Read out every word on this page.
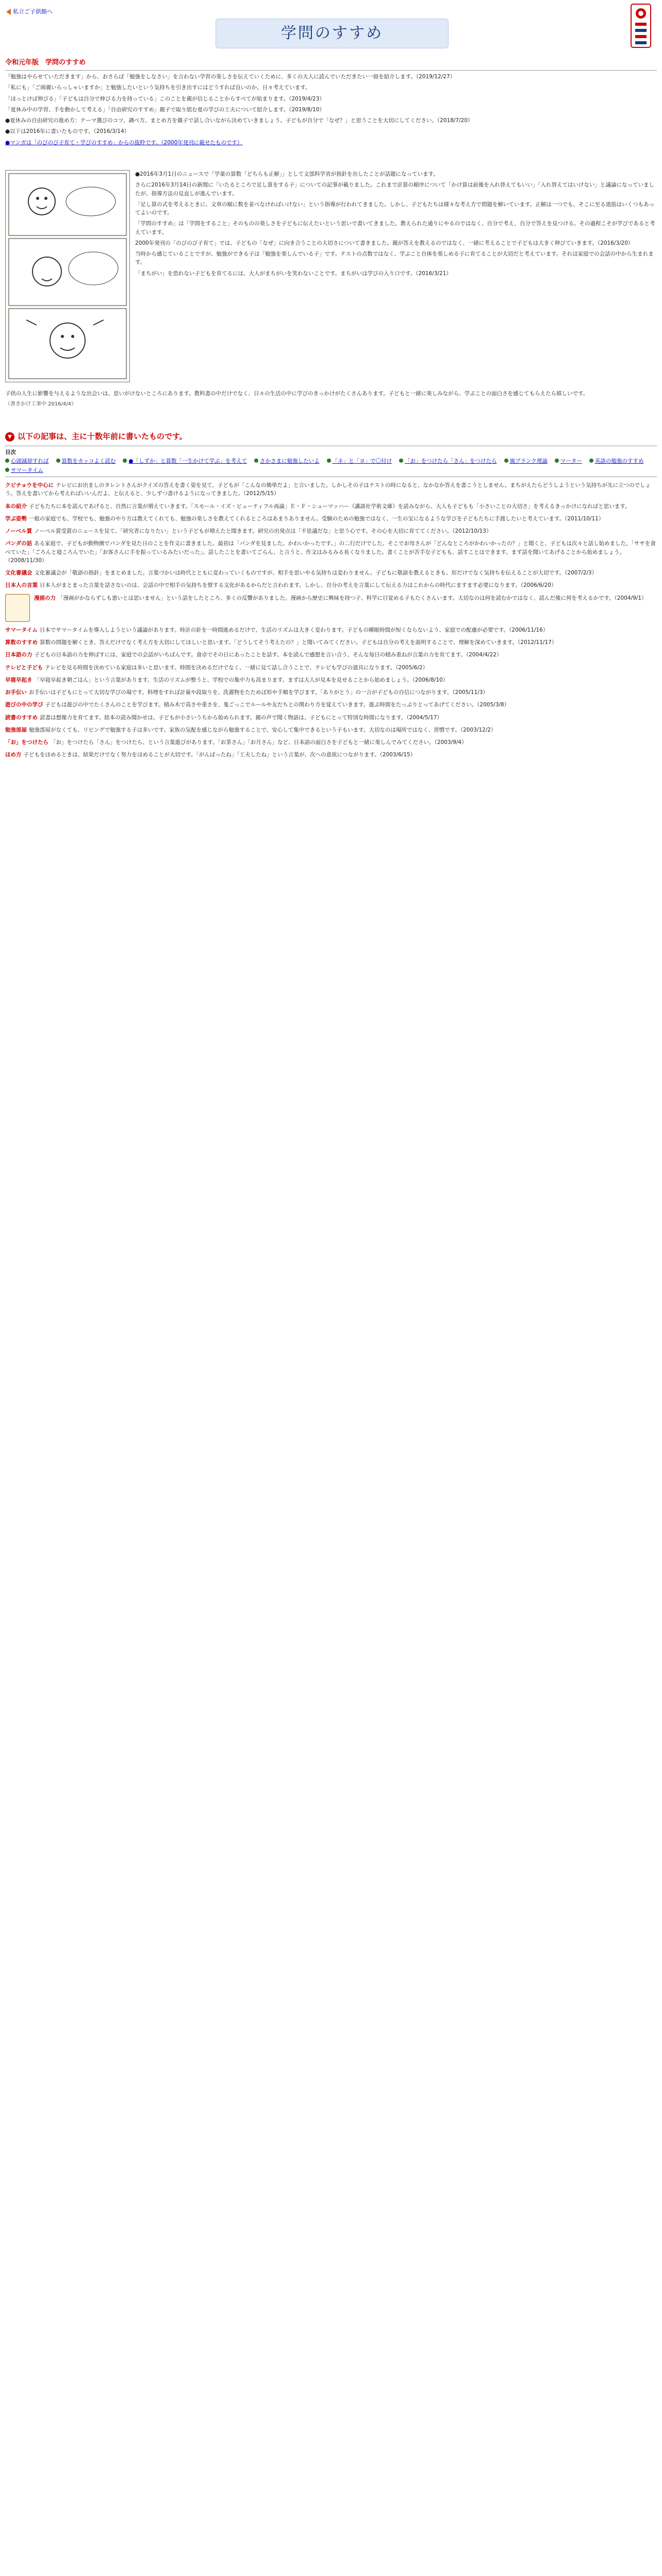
私立ご子供館へ
学問のすすめ
令和元年版　学問のすすめ

「勉強はやらせていただきます」から、おさらば「勉強をしなさい」を言わない学習の楽しさを伝えていくために、多くの大人に読んでいただきたい一冊を紹介します。（2019/12/27）

「私にも」「ご両親いらっしゃいますか」と勉強したいという気持ちを引き出すにはどうすれば良いのか、日々考えています。

「ほっとけば伸びる」「子どもは自分で伸びる力を持っている」このことを親が信じることからすべてが始まります。（2019/4/23）

「夏休み中の学習、手を動かして考える」「自由研究のすすめ」親子で取り組む夏の学びの工夫について紹介します。（2019/8/10）

●夏休みの自由研究の進め方：テーマ選びのコツ、調べ方、まとめ方を親子で話し合いながら決めていきましょう。子どもが自分で「なぜ？」と思うことを大切にしてください。（2018/7/20）

●以下は2016年に書いたものです。（2016/3/14）

●マンガは「のびのび子育て・学びのすすめ」からの抜粋です。（2000年発刊に載せたものです）

●2016年3月1日のニュースで「学童の算数「どちらも正解」」として文部科学省が指針を出したことが話題になっています。

さらに2016年3月14日の新聞に「いたるところで足し算をする子」についての記事が載りました。これまで計算の順序について「かけ算は前後を入れ替えてもいい」「入れ替えてはいけない」と議論になっていましたが、指導方法の見直しが進んでいます。

「足し算の式を考えるときに、文章の順に数を並べなければいけない」という指導が行われてきました。しかし、子どもたちは様々な考え方で問題を解いています。正解は一つでも、そこに至る道筋はいくつもあってよいのです。

「学問のすすめ」は「学問をすること」そのものの楽しさを子どもに伝えたいという思いで書いてきました。教えられた通りにやるのではなく、自分で考え、自分で答えを見つける。その過程こそが学びであると考えています。

2000年発刊の「のびのび子育て」では、子どもの「なぜ」に向き合うことの大切さについて書きました。親が答えを教えるのではなく、一緒に考えることで子どもは大きく伸びていきます。（2016/3/20）

当時から感じていることですが、勉強ができる子は「勉強を楽しんでいる子」です。テストの点数ではなく、学ぶこと自体を楽しめる子に育てることが大切だと考えています。それは家庭での会話の中から生まれます。

「まちがい」を恐れない子どもを育てるには、大人がまちがいを笑わないことです。まちがいは学びの入り口です。（2016/3/21）

子供の人生に影響を与えるような出会いは、思いがけないところにあります。教科書の中だけでなく、日々の生活の中に学びのきっかけがたくさんあります。子どもと一緒に楽しみながら、学ぶことの面白さを感じてもらえたら嬉しいです。

（書きかけ工事中 2016/4/4）

以下の記事は、主に十数年前に書いたものです。
目次
心頭滅却すれば	算数をカッコよく読む	●「しずか」と算数「一生かけて学ぶ」を考えて	さかさまに勉強したいよ	「ネ」と「ヨ」で〇付け	「お」をつけたら「さん」をつけたら	風プランク理論	マーター	英語の勉強のすすめ
サマータイム
クビチョウを中心に テレビにお出ましのタレントさんがクイズの答えを書く姿を見て、子どもが「こんなの簡単だよ」と言いました。しかしその子はテストの時になると、なかなか答えを書こうとしません。まちがえたらどうしようという気持ちが先に立つのでしょう。答えを書いてから考えればいいんだよ、と伝えると、少しずつ書けるようになってきました。（2012/5/15）
本の紹介 子どもたちに本を読んであげると、自然に言葉が増えていきます。「スモール・イズ・ビューティフル再論」Ｅ・Ｆ・シューマッハー（講談社学術文庫）を読みながら、大人も子どもも「小さいことの大切さ」を考えるきっかけになればと思います。
学ぶ姿勢 一般の家庭でも、学校でも、勉強のやり方は教えてくれても、勉強の楽しさを教えてくれるところはあまりありません。受験のための勉強ではなく、一生の宝になるような学びを子どもたちに手渡したいと考えています。（2011/10/11）
ノーベル賞 ノーベル賞受賞のニュースを見て、「研究者になりたい」という子どもが増えたと聞きます。研究の出発点は「不思議だな」と思う心です。その心を大切に育ててください。（2012/10/13）
パンダの話 ある家庭で、子どもが動物園でパンダを見た日のことを作文に書きました。最初は「パンダを見ました。かわいかったです。」の二行だけでした。そこでお母さんが「どんなところがかわいかったの？」と聞くと、子どもは次々と話し始めました。「ササを食べていた」「ごろんと寝ころんでいた」「お客さんに手を振っているみたいだった」。話したことを書いてごらん、と言うと、作文はみるみる長くなりました。書くことが苦手な子どもも、話すことはできます。まず話を聞いてあげることから始めましょう。（2008/11/30）
文化審議会 文化審議会が「敬語の指針」をまとめました。言葉づかいは時代とともに変わっていくものですが、相手を思いやる気持ちは変わりません。子どもに敬語を教えるときも、形だけでなく気持ちを伝えることが大切です。（2007/2/3）
日本人の言葉 日本人がまとまった言葉を話さないのは、会話の中で相手の気持ちを察する文化があるからだと言われます。しかし、自分の考えを言葉にして伝える力はこれからの時代にますます必要になります。（2006/6/20）
漫画の力 「漫画がかならずしも悪いとは思いません」という話をしたところ、多くの反響がありました。漫画から歴史に興味を持つ子、科学に目覚める子もたくさんいます。大切なのは何を読むかではなく、読んだ後に何を考えるかです。（2004/9/1）
サマータイム 日本でサマータイムを導入しようという議論があります。時計の針を一時間進めるだけで、生活のリズムは大きく変わります。子どもの睡眠時間が短くならないよう、家庭での配慮が必要です。（2006/11/16）
算数のすすめ 算数の問題を解くとき、答えだけでなく考え方を大切にしてほしいと思います。「どうしてそう考えたの？」と聞いてみてください。子どもは自分の考えを説明することで、理解を深めていきます。（2012/11/17）
日本語の力 子どもの日本語の力を伸ばすには、家庭での会話がいちばんです。食卓でその日にあったことを話す、本を読んで感想を言い合う、そんな毎日の積み重ねが言葉の力を育てます。（2004/4/22）
テレビと子ども テレビを見る時間を決めている家庭は多いと思います。時間を決めるだけでなく、一緒に見て話し合うことで、テレビも学びの道具になります。（2005/6/2）
早寝早起き 「早寝早起き朝ごはん」という言葉があります。生活のリズムが整うと、学校での集中力も高まります。まずは大人が見本を見せることから始めましょう。（2006/8/10）
お手伝い お手伝いは子どもにとって大切な学びの場です。料理をすれば計量や段取りを、洗濯物をたためば形や手順を学びます。「ありがとう」の一言が子どもの自信につながります。（2005/11/3）
遊びの中の学び 子どもは遊びの中でたくさんのことを学びます。積み木で高さや重さを、鬼ごっこでルールや友だちとの関わり方を覚えていきます。遊ぶ時間をたっぷりとってあげてください。（2005/3/8）
読書のすすめ 読書は想像力を育てます。絵本の読み聞かせは、子どもが小さいうちから始められます。親の声で聞く物語は、子どもにとって特別な時間になります。（2004/5/17）
勉強部屋 勉強部屋がなくても、リビングで勉強する子は多いです。家族の気配を感じながら勉強することで、安心して集中できるという子もいます。大切なのは場所ではなく、習慣です。（2003/12/2）
「お」をつけたら 「お」をつけたら「さん」をつけたら、という言葉遊びがあります。「お茶さん」「お月さん」など、日本語の面白さを子どもと一緒に楽しんでみてください。（2003/9/4）
ほめ方 子どもをほめるときは、結果だけでなく努力をほめることが大切です。「がんばったね」「工夫したね」という言葉が、次への意欲につながります。（2003/6/15）
